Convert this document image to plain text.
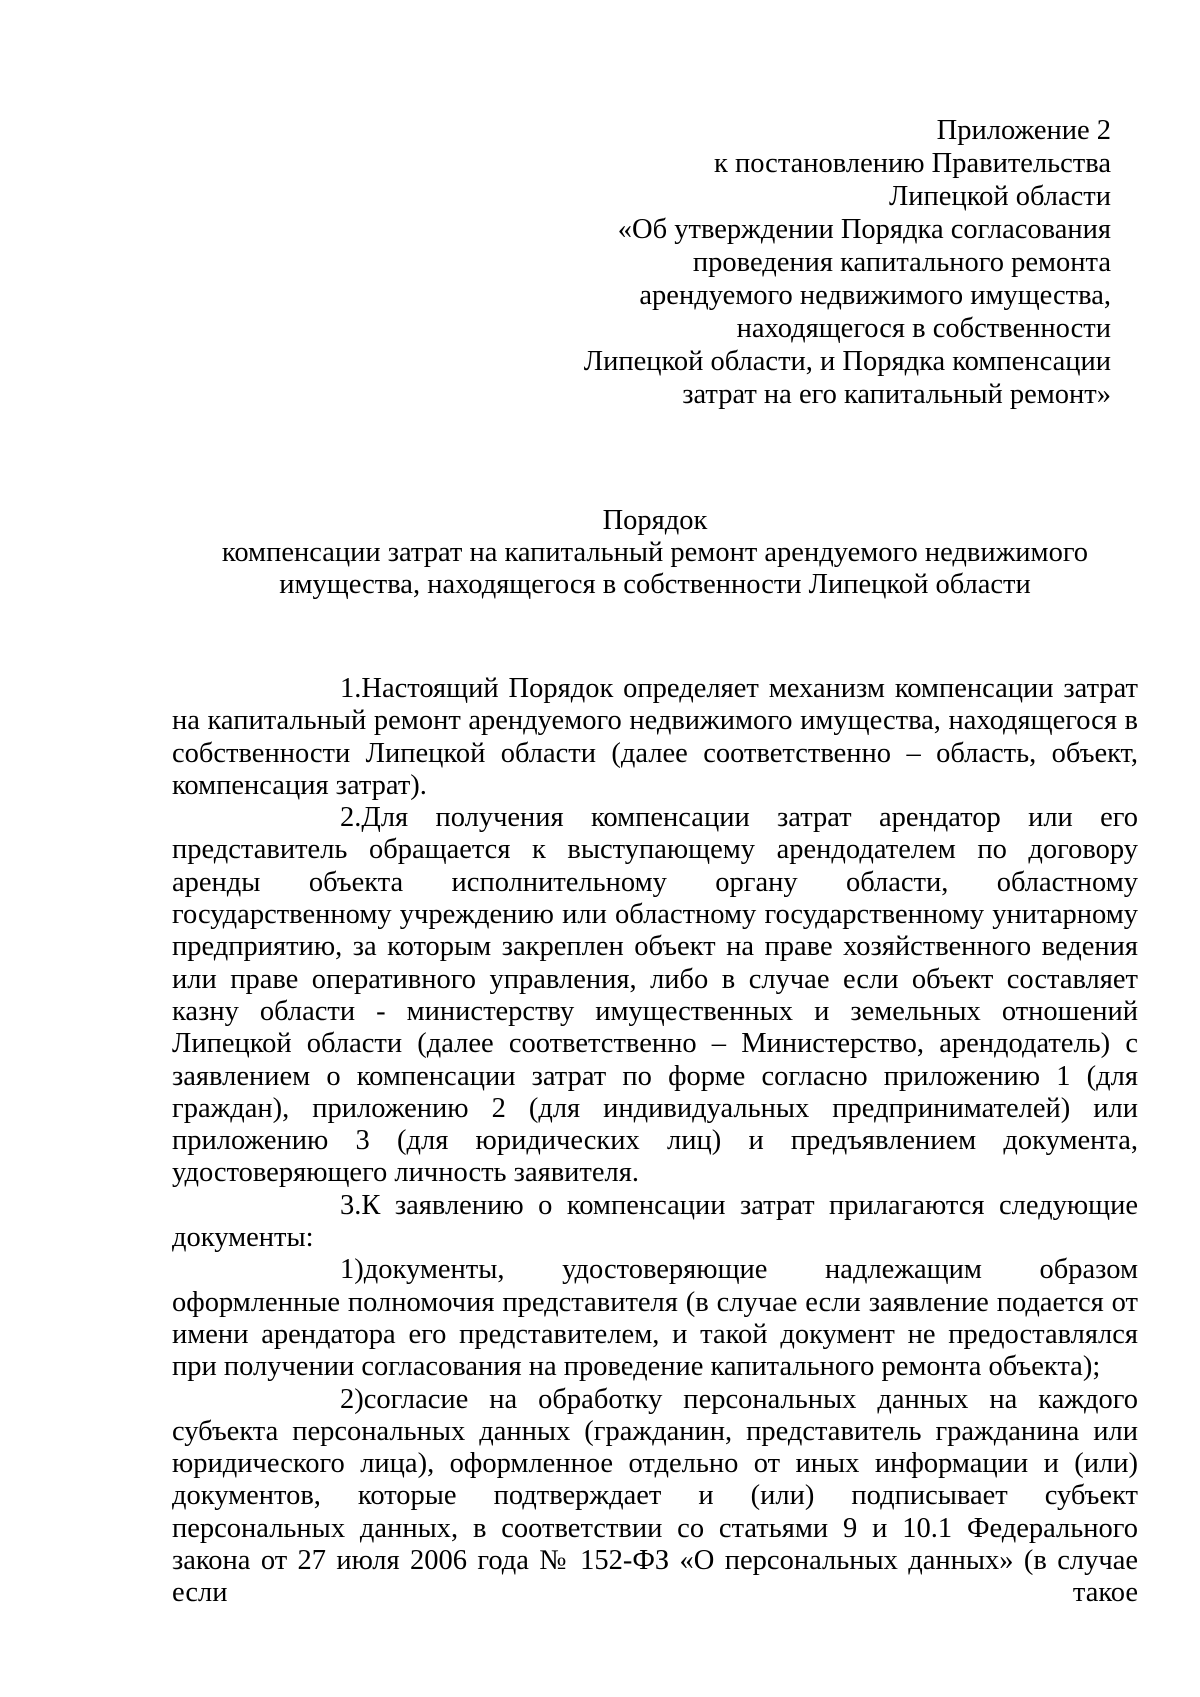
Приложение 2
к постановлению Правительства
Липецкой области
«Об утверждении Порядка согласования
проведения капитального ремонта
арендуемого недвижимого имущества,
находящегося в собственности
Липецкой области, и Порядка компенсации
затрат на его капитальный ремонт»
Порядок
компенсации затрат на капитальный ремонт арендуемого недвижимого
имущества, находящегося в собственности Липецкой области

1.Настоящий Порядок определяет механизм компенсации затрат на капитальный ремонт арендуемого недвижимого имущества, находящегося в собственности Липецкой области (далее соответственно – область, объект, компенсация затрат).

2.Для получения компенсации затрат арендатор или его представитель обращается к выступающему арендодателем по договору аренды объекта исполнительному органу области, областному государственному учреждению или областному государственному унитарному предприятию, за которым закреплен объект на праве хозяйственного ведения или праве оперативного управления, либо в случае если объект составляет казну области - министерству имущественных и земельных отношений Липецкой области (далее соответственно – Министерство, арендодатель) с заявлением о компенсации затрат по форме согласно приложению 1 (для граждан), приложению 2 (для индивидуальных предпринимателей) или приложению 3 (для юридических лиц) и предъявлением документа, удостоверяющего личность заявителя.

3.К заявлению о компенсации затрат прилагаются следующие документы:

1)документы, удостоверяющие надлежащим образом оформленные полномочия представителя (в случае если заявление подается от имени арендатора его представителем, и такой документ не предоставлялся при получении согласования на проведение капитального ремонта объекта);

2)согласие на обработку персональных данных на каждого субъекта персональных данных (гражданин, представитель гражданина или юридического лица), оформленное отдельно от иных информации и (или) документов, которые подтверждает и (или) подписывает субъект персональных данных, в соответствии со статьями 9 и 10.1 Федерального закона от 27 июля 2006 года № 152-ФЗ «О персональных данных» (в случае если такое
